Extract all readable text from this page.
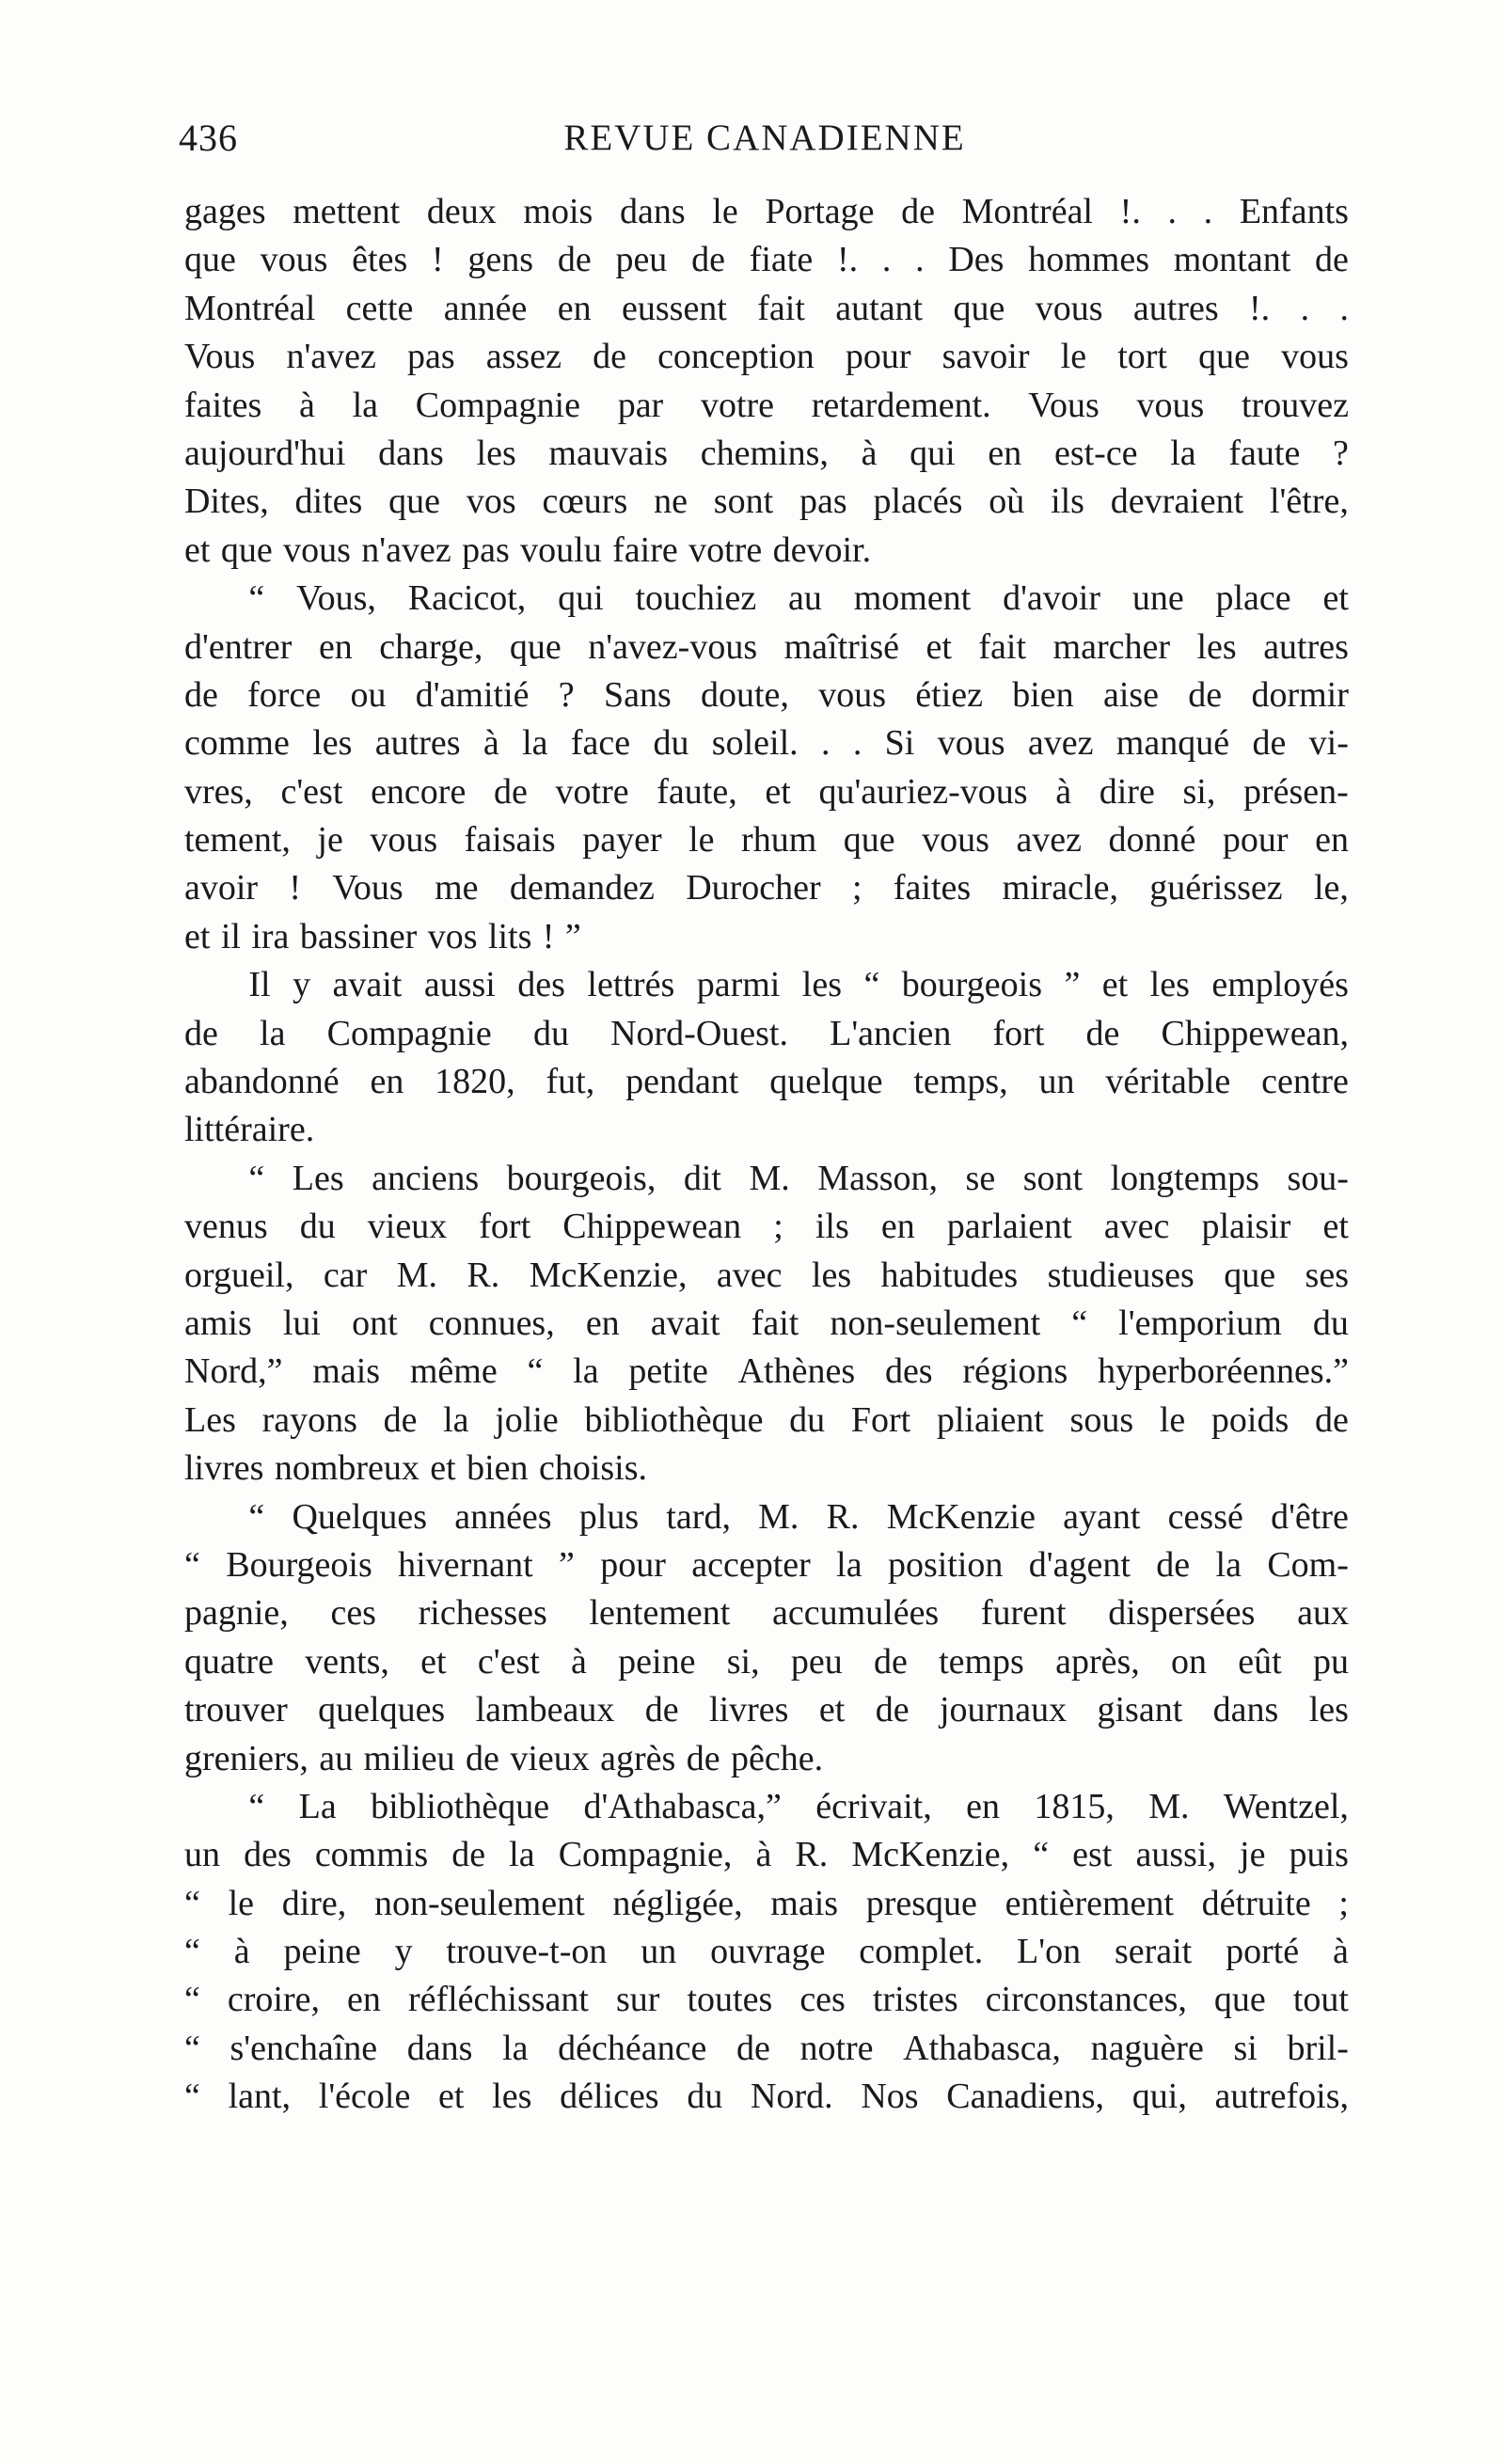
436	REVUE CANADIENNE
gages mettent deux mois dans le Portage de Montréal !. . . Enfants
que vous êtes ! gens de peu de fiate !. . . Des hommes montant de
Montréal cette année en eussent fait autant que vous autres !. . .
Vous n'avez pas assez de conception pour savoir le tort que vous
faites à la Compagnie par votre retardement. Vous vous trouvez
aujourd'hui dans les mauvais chemins, à qui en est-ce la faute ?
Dites, dites que vos cœurs ne sont pas placés où ils devraient l'être,
et que vous n'avez pas voulu faire votre devoir.
“ Vous, Racicot, qui touchiez au moment d'avoir une place et
d'entrer en charge, que n'avez-vous maîtrisé et fait marcher les autres
de force ou d'amitié ? Sans doute, vous étiez bien aise de dormir
comme les autres à la face du soleil. . . Si vous avez manqué de vi-
vres, c'est encore de votre faute, et qu'auriez-vous à dire si, présen-
tement, je vous faisais payer le rhum que vous avez donné pour en
avoir ! Vous me demandez Durocher ; faites miracle, guérissez le,
et il ira bassiner vos lits ! ”
Il y avait aussi des lettrés parmi les “ bourgeois ” et les employés
de la Compagnie du Nord-Ouest. L'ancien fort de Chippewean,
abandonné en 1820, fut, pendant quelque temps, un véritable centre
littéraire.
“ Les anciens bourgeois, dit M. Masson, se sont longtemps sou-
venus du vieux fort Chippewean ; ils en parlaient avec plaisir et
orgueil, car M. R. McKenzie, avec les habitudes studieuses que ses
amis lui ont connues, en avait fait non-seulement “ l'emporium du
Nord,” mais même “ la petite Athènes des régions hyperboréennes.”
Les rayons de la jolie bibliothèque du Fort pliaient sous le poids de
livres nombreux et bien choisis.
“ Quelques années plus tard, M. R. McKenzie ayant cessé d'être
“ Bourgeois hivernant ” pour accepter la position d'agent de la Com-
pagnie, ces richesses lentement accumulées furent dispersées aux
quatre vents, et c'est à peine si, peu de temps après, on eût pu
trouver quelques lambeaux de livres et de journaux gisant dans les
greniers, au milieu de vieux agrès de pêche.
“ La bibliothèque d'Athabasca,” écrivait, en 1815, M. Wentzel,
un des commis de la Compagnie, à R. McKenzie, “ est aussi, je puis
“ le dire, non-seulement négligée, mais presque entièrement détruite ;
“ à peine y trouve-t-on un ouvrage complet. L'on serait porté à
“ croire, en réfléchissant sur toutes ces tristes circonstances, que tout
“ s'enchaîne dans la déchéance de notre Athabasca, naguère si bril-
“ lant, l'école et les délices du Nord. Nos Canadiens, qui, autrefois,
